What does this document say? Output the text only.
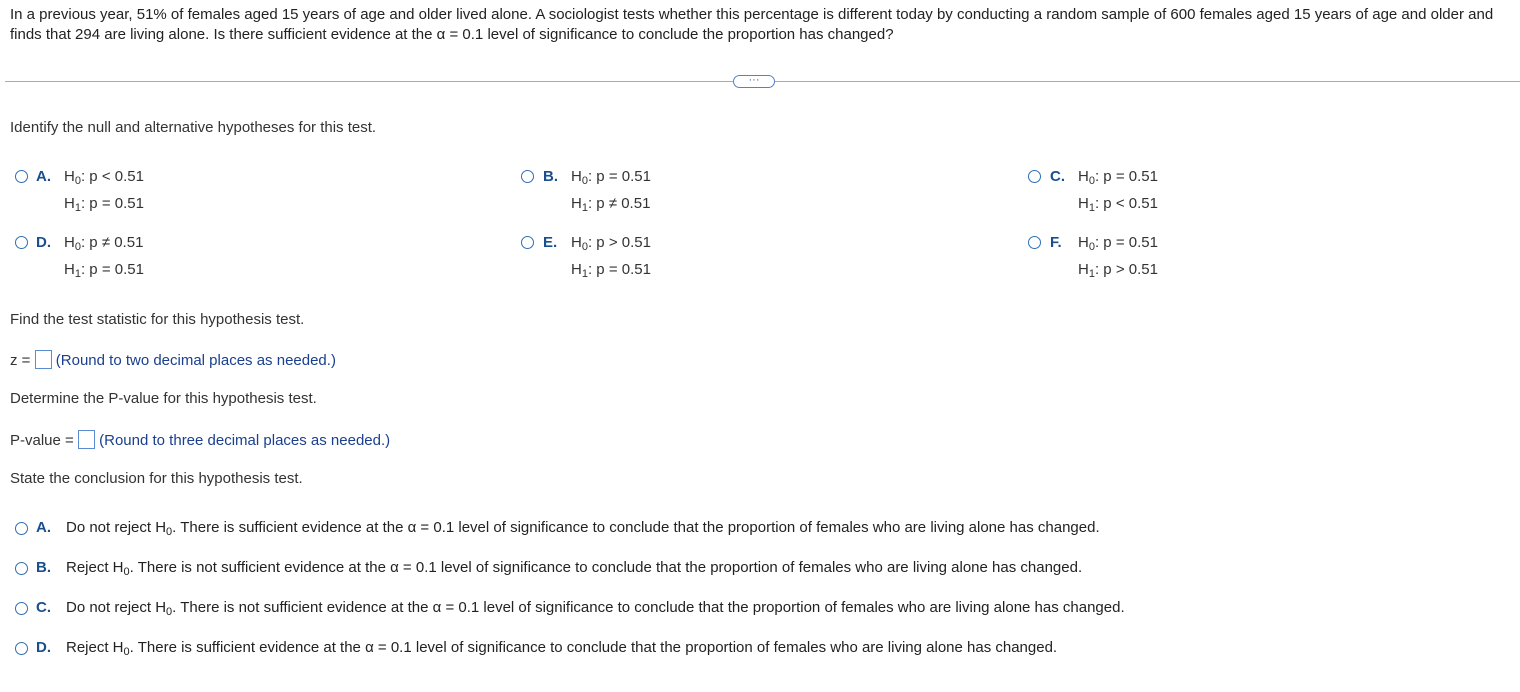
In a previous year, 51% of females aged 15 years of age and older lived alone. A sociologist tests whether this percentage is different today by conducting a random sample of 600 females aged 15 years of age and older and finds that 294 are living alone. Is there sufficient evidence at the α = 0.1 level of significance to conclude the proportion has changed?
···
Identify the null and alternative hypotheses for this test.
A. $H_0$: p < 0.51
$H_1$: p = 0.51
B. $H_0$: p = 0.51
$H_1$: p ≠ 0.51
C. $H_0$: p = 0.51
$H_1$: p < 0.51
D. $H_0$: p ≠ 0.51
$H_1$: p = 0.51
E. $H_0$: p > 0.51
$H_1$: p = 0.51
F. $H_0$: p = 0.51
$H_1$: p > 0.51
Find the test statistic for this hypothesis test.
z = (Round to two decimal places as needed.)
Determine the P-value for this hypothesis test.
P-value = (Round to three decimal places as needed.)
State the conclusion for this hypothesis test.
A. Do not reject $H_0$. There is sufficient evidence at the α = 0.1 level of significance to conclude that the proportion of females who are living alone has changed.
B. Reject $H_0$. There is not sufficient evidence at the α = 0.1 level of significance to conclude that the proportion of females who are living alone has changed.
C. Do not reject $H_0$. There is not sufficient evidence at the α = 0.1 level of significance to conclude that the proportion of females who are living alone has changed.
D. Reject $H_0$. There is sufficient evidence at the α = 0.1 level of significance to conclude that the proportion of females who are living alone has changed.
